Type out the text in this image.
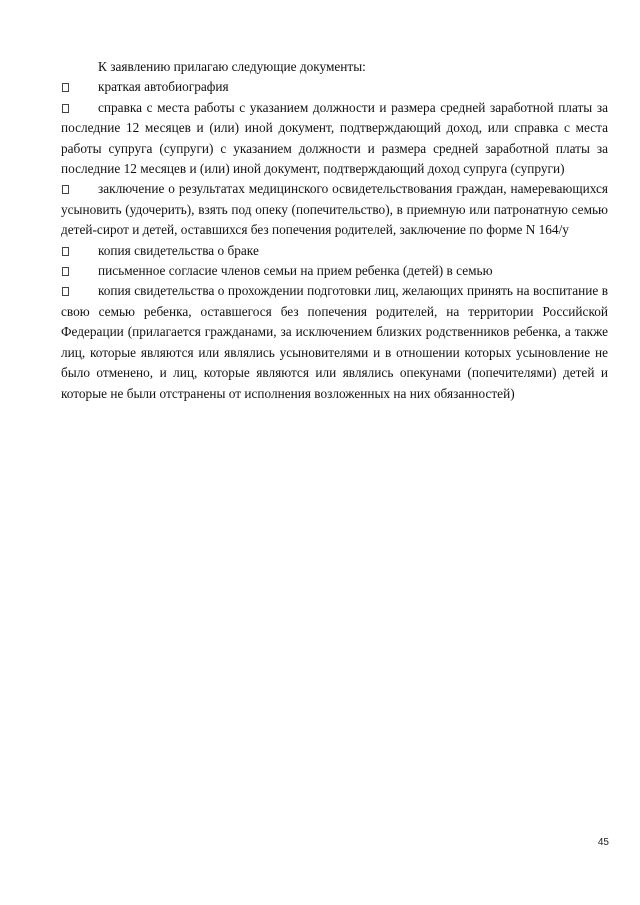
К заявлению прилагаю следующие документы:

краткая автобиография

справка с места работы с указанием должности и размера средней заработной платы за последние 12 месяцев и (или) иной документ, подтверждающий доход, или справка с места работы супруга (супруги) с указанием должности и размера средней заработной платы за последние 12 месяцев и (или) иной документ, подтверждающий доход супруга (супруги)

заключение о результатах медицинского освидетельствования граждан, намеревающихся усыновить (удочерить), взять под опеку (попечительство), в приемную или патронатную семью детей-сирот и детей, оставшихся без попечения родителей, заключение по форме N 164/у

копия свидетельства о браке

письменное согласие членов семьи на прием ребенка (детей) в семью

копия свидетельства о прохождении подготовки лиц, желающих принять на воспитание в свою семью ребенка, оставшегося без попечения родителей, на территории Российской Федерации (прилагается гражданами, за исключением близких родственников ребенка, а также лиц, которые являются или являлись усыновителями и в отношении которых усыновление не было отменено, и лиц, которые являются или являлись опекунами (попечителями) детей и которые не были отстранены от исполнения возложенных на них обязанностей)

45
